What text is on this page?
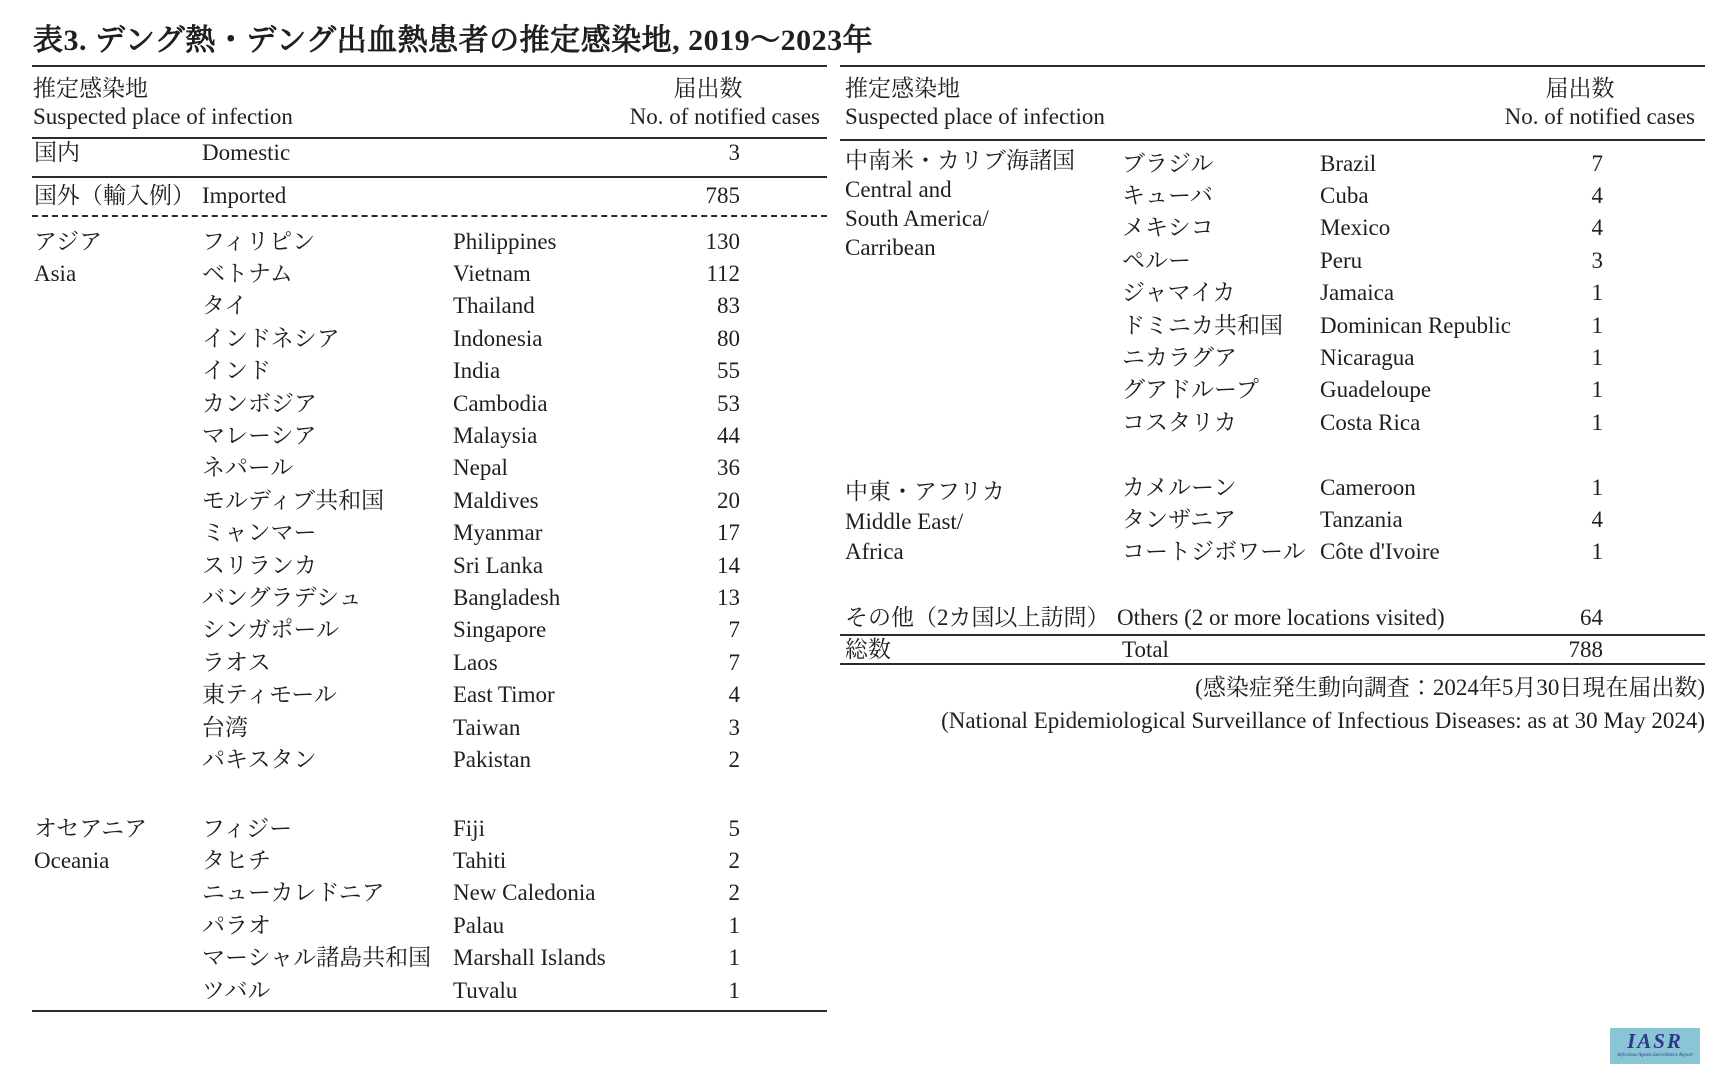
表3. デング熱・デング出血熱患者の推定感染地, 2019〜2023年
推定感染地
Suspected place of infection
届出数
No. of notified cases
推定感染地
Suspected place of infection
届出数
No. of notified cases
国内	Domestic	3
国外（輸入例） Imported	785
アジア
Asia
フィリピン	Philippines	130
ベトナム	Vietnam	112
タイ	Thailand	83
インドネシア	Indonesia	80
インド	India	55
カンボジア	Cambodia	53
マレーシア	Malaysia	44
ネパール	Nepal	36
モルディブ共和国	Maldives	20
ミャンマー	Myanmar	17
スリランカ	Sri Lanka	14
バングラデシュ	Bangladesh	13
シンガポール	Singapore	7
ラオス	Laos	7
東ティモール	East Timor	4
台湾	Taiwan	3
パキスタン	Pakistan	2
オセアニア
Oceania
フィジー	Fiji	5
タヒチ	Tahiti	2
ニューカレドニア	New Caledonia	2
パラオ	Palau	1
マーシャル諸島共和国 Marshall Islands	1
ツバル	Tuvalu	1
中南米・カリブ海諸国
Central and
South America/
Carribean
ブラジル	Brazil	7
キューバ	Cuba	4
メキシコ	Mexico	4
ペルー	Peru	3
ジャマイカ	Jamaica	1
ドミニカ共和国 Dominican Republic	1
ニカラグア	Nicaragua	1
グアドループ	Guadeloupe	1
コスタリカ	Costa Rica	1
中東・アフリカ
Middle East/
Africa
カメルーン	Cameroon	1
タンザニア	Tanzania	4
コートジボワール Côte d'Ivoire	1
その他（2カ国以上訪問） Others (2 or more locations visited)	64
総数	Total	788
(感染症発生動向調査：2024年5月30日現在届出数)
(National Epidemiological Surveillance of Infectious Diseases: as at 30 May 2024)
IASR
Infectious Agents Surveillance Report
